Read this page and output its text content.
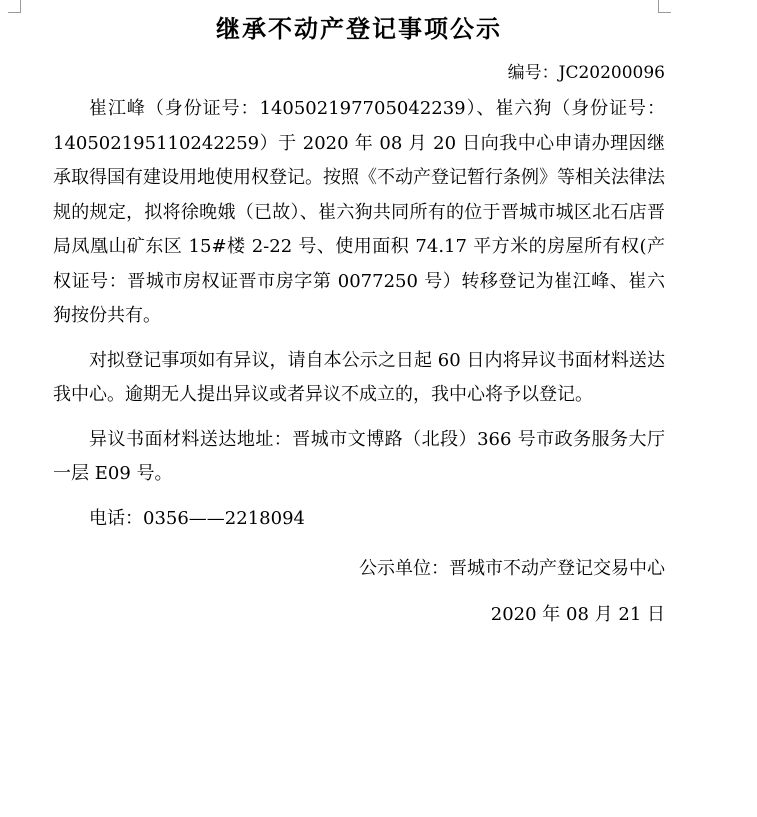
继承不动产登记事项公示

编号：JC20200096

崔江峰（身份证号：140502197705042239）、崔六狗（身份证号：140502195110242259）于 2020 年 08 月 20 日向我中心申请办理因继承取得国有建设用地使用权登记。按照《不动产登记暂行条例》等相关法律法规的规定，拟将徐晚娥（已故）、崔六狗共同所有的位于晋城市城区北石店晋局凤凰山矿东区 15#楼 2-22 号、使用面积 74.17 平方米的房屋所有权(产权证号：晋城市房权证晋市房字第 0077250 号）转移登记为崔江峰、崔六狗按份共有。

对拟登记事项如有异议，请自本公示之日起 60 日内将异议书面材料送达我中心。逾期无人提出异议或者异议不成立的，我中心将予以登记。

异议书面材料送达地址：晋城市文博路（北段）366 号市政务服务大厅一层 E09 号。

电话：0356——2218094

公示单位：晋城市不动产登记交易中心

2020 年 08 月 21 日
